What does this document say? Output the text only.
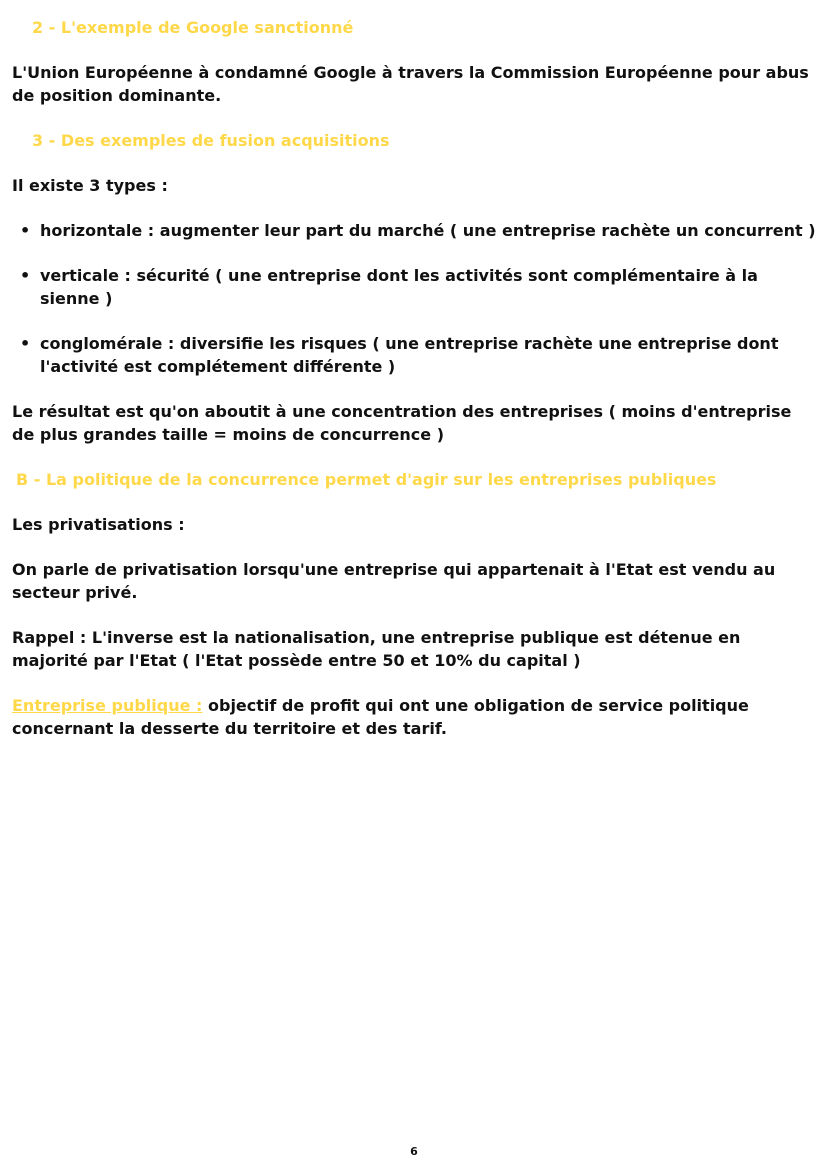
2 - L'exemple de Google sanctionné

L'Union Européenne à condamné Google à travers la Commission Européenne pour abus de position dominante.

3 - Des exemples de fusion acquisitions

Il existe 3 types :

• horizontale : augmenter leur part du marché ( une entreprise rachète un concurrent )
• verticale : sécurité ( une entreprise dont les activités sont complémentaire à la sienne )
• conglomérale : diversifie les risques ( une entreprise rachète une entreprise dont l'activité est complétement différente )

Le résultat est qu'on aboutit à une concentration des entreprises ( moins d'entreprise de plus grandes taille = moins de concurrence )

B - La politique de la concurrence permet d'agir sur les entreprises publiques

Les privatisations :

On parle de privatisation lorsqu'une entreprise qui appartenait à l'Etat est vendu au secteur privé.

Rappel : L'inverse est la nationalisation, une entreprise publique est détenue en majorité par l'Etat ( l'Etat possède entre 50 et 10% du capital )

Entreprise publique : objectif de profit qui ont une obligation de service politique concernant la desserte du territoire et des tarif.

6
